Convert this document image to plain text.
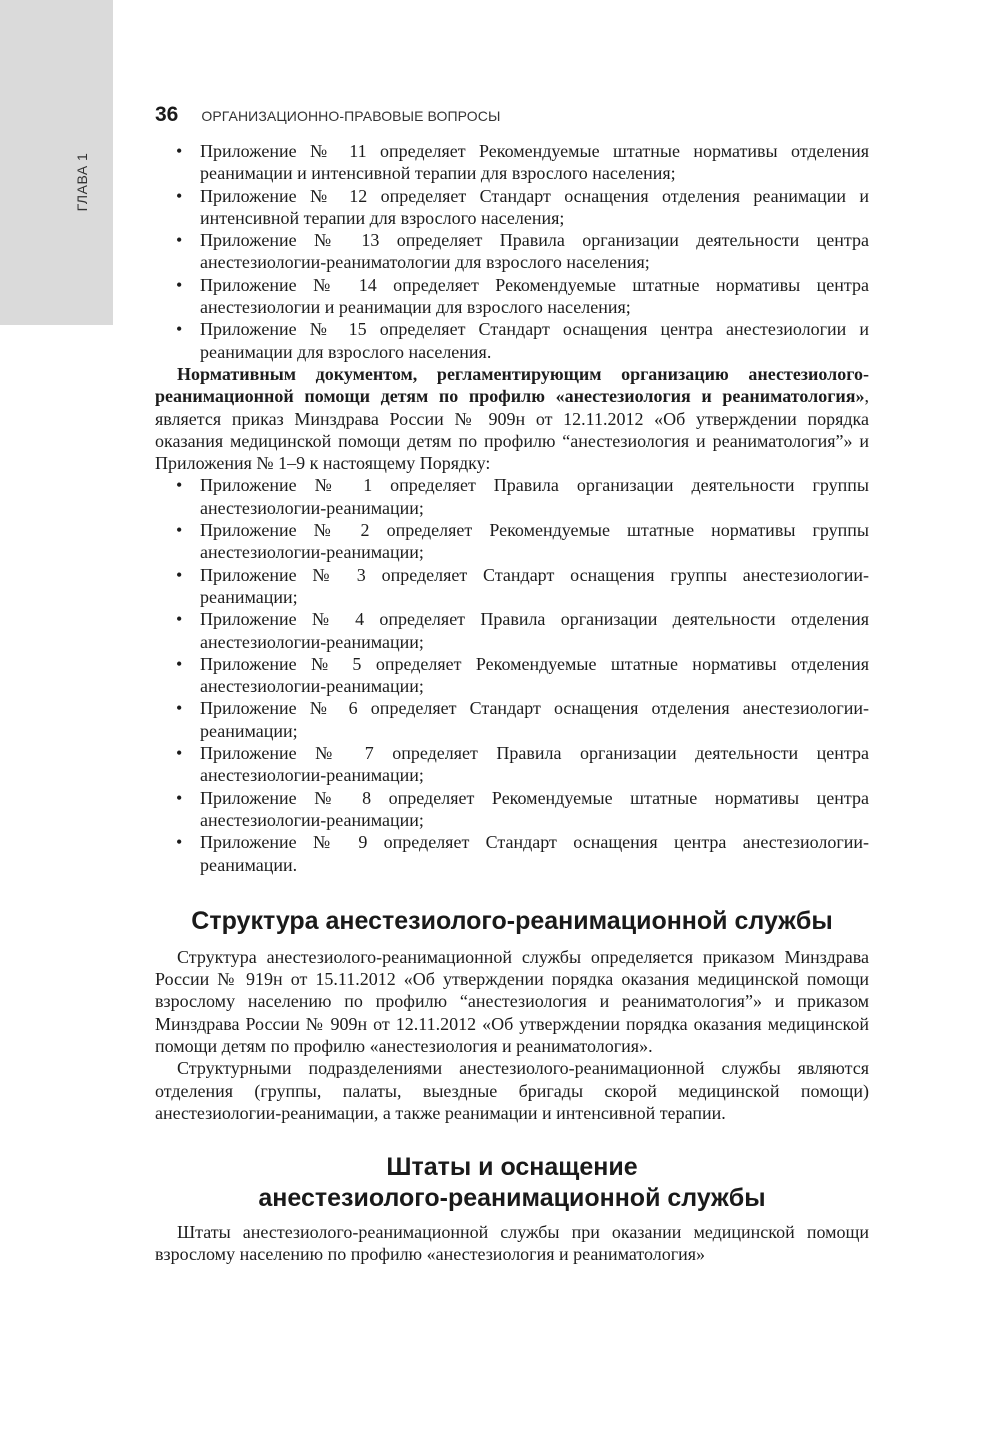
ГЛАВА 1
36 ОРГАНИЗАЦИОННО-ПРАВОВЫЕ ВОПРОСЫ
• Приложение № 11 определяет Рекомендуемые штатные нормативы отделения реанимации и интенсивной терапии для взрослого населения;
• Приложение № 12 определяет Стандарт оснащения отделения реанимации и интенсивной терапии для взрослого населения;
• Приложение № 13 определяет Правила организации деятельности центра анестезиологии-реаниматологии для взрослого населения;
• Приложение № 14 определяет Рекомендуемые штатные нормативы центра анестезиологии и реанимации для взрослого населения;
• Приложение № 15 определяет Стандарт оснащения центра анестезиологии и реанимации для взрослого населения.

Нормативным документом, регламентирующим организацию анестезиолого-реанимационной помощи детям по профилю «анестезиология и реаниматология», является приказ Минздрава России № 909н от 12.11.2012 «Об утверждении порядка оказания медицинской помощи детям по профилю “анестезиология и реаниматология”» и Приложения № 1–9 к настоящему Порядку:

• Приложение № 1 определяет Правила организации деятельности группы анестезиологии-реанимации;
• Приложение № 2 определяет Рекомендуемые штатные нормативы группы анестезиологии-реанимации;
• Приложение № 3 определяет Стандарт оснащения группы анестезиологии-реанимации;
• Приложение № 4 определяет Правила организации деятельности отделения анестезиологии-реанимации;
• Приложение № 5 определяет Рекомендуемые штатные нормативы отделения анестезиологии-реанимации;
• Приложение № 6 определяет Стандарт оснащения отделения анестезиологии-реанимации;
• Приложение № 7 определяет Правила организации деятельности центра анестезиологии-реанимации;
• Приложение № 8 определяет Рекомендуемые штатные нормативы центра анестезиологии-реанимации;
• Приложение № 9 определяет Стандарт оснащения центра анестезиологии-реанимации.
Структура анестезиолого-реанимационной службы

Структура анестезиолого-реанимационной службы определяется приказом Минздрава России № 919н от 15.11.2012 «Об утверждении порядка оказания медицинской помощи взрослому населению по профилю “анестезиология и реаниматология”» и приказом Минздрава России № 909н от 12.11.2012 «Об утверждении порядка оказания медицинской помощи детям по профилю «анестезиология и реаниматология».

Структурными подразделениями анестезиолого-реанимационной службы являются отделения (группы, палаты, выездные бригады скорой медицинской помощи) анестезиологии-реанимации, а также реанимации и интенсивной терапии.

Штаты и оснащение
анестезиолого-реанимационной службы

Штаты анестезиолого-реанимационной службы при оказании медицинской помощи взрослому населению по профилю «анестезиология и реаниматология»
